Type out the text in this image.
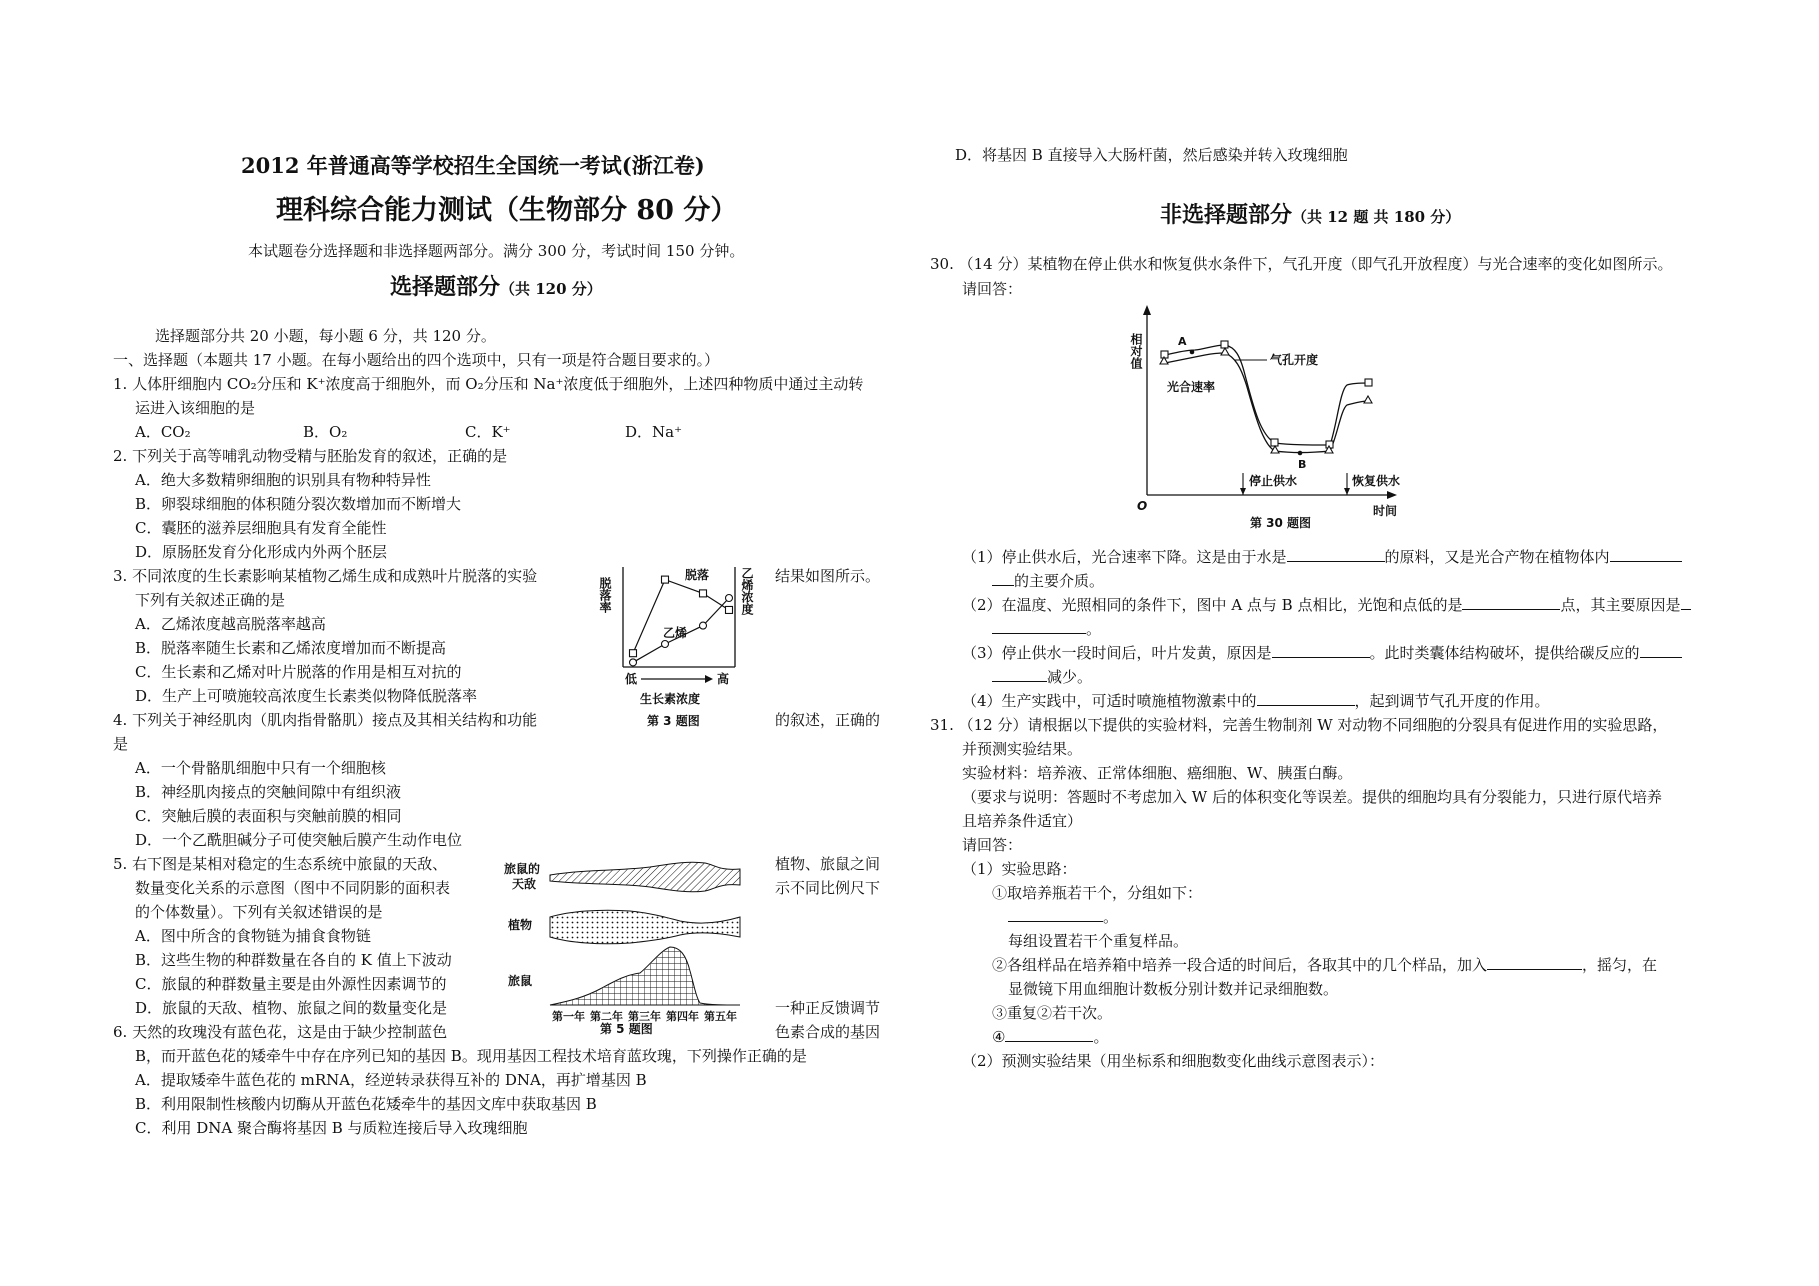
2012 年普通高等学校招生全国统一考试(浙江卷)
理科综合能力测试（生物部分 80 分）
本试题卷分选择题和非选择题两部分。满分 300 分，考试时间 150 分钟。
选择题部分（共 120 分）
选择题部分共 20 小题，每小题 6 分，共 120 分。
一、选择题（本题共 17 小题。在每小题给出的四个选项中，只有一项是符合题目要求的。）
1. 人体肝细胞内 CO₂分压和 K⁺浓度高于细胞外，而 O₂分压和 Na⁺浓度低于细胞外，上述四种物质中通过主动转
运进入该细胞的是
A．CO₂	B．O₂	C．K⁺	D．Na⁺
2. 下列关于高等哺乳动物受精与胚胎发育的叙述，正确的是
A．绝大多数精卵细胞的识别具有物种特异性
B．卵裂球细胞的体积随分裂次数增加而不断增大
C．囊胚的滋养层细胞具有发育全能性
D．原肠胚发育分化形成内外两个胚层
3. 不同浓度的生长素影响某植物乙烯生成和成熟叶片脱落的实验	结果如图所示。
下列有关叙述正确的是
A．乙烯浓度越高脱落率越高
B．脱落率随生长素和乙烯浓度增加而不断提高
C．生长素和乙烯对叶片脱落的作用是相互对抗的
D．生产上可喷施较高浓度生长素类似物降低脱落率
脱落率	乙烯浓度
脱落
乙烯
低	高
生长素浓度
第 3 题图
4. 下列关于神经肌肉（肌肉指骨骼肌）接点及其相关结构和功能	的叙述，正确的
是
A．一个骨骼肌细胞中只有一个细胞核
B．神经肌肉接点的突触间隙中有组织液
C．突触后膜的表面积与突触前膜的相同
D．一个乙酰胆碱分子可使突触后膜产生动作电位
5. 右下图是某相对稳定的生态系统中旅鼠的天敌、	植物、旅鼠之间
数量变化关系的示意图（图中不同阴影的面积表	示不同比例尺下
的个体数量）。下列有关叙述错误的是
A．图中所含的食物链为捕食食物链
B．这些生物的种群数量在各自的 K 值上下波动
C．旅鼠的种群数量主要是由外源性因素调节的
D．旅鼠的天敌、植物、旅鼠之间的数量变化是	一种正反馈调节
旅鼠的天敌
植物
旅鼠
第一年 第二年 第三年 第四年 第五年
第 5 题图
6. 天然的玫瑰没有蓝色花，这是由于缺少控制蓝色	色素合成的基因
B，而开蓝色花的矮牵牛中存在序列已知的基因 B。现用基因工程技术培育蓝玫瑰，下列操作正确的是
A．提取矮牵牛蓝色花的 mRNA，经逆转录获得互补的 DNA，再扩增基因 B
B．利用限制性核酸内切酶从开蓝色花矮牵牛的基因文库中获取基因 B
C．利用 DNA 聚合酶将基因 B 与质粒连接后导入玫瑰细胞
D．将基因 B 直接导入大肠杆菌，然后感染并转入玫瑰细胞
非选择题部分（共 12 题 共 180 分）
30. （14 分）某植物在停止供水和恢复供水条件下，气孔开度（即气孔开放程度）与光合速率的变化如图所示。
请回答：
相对值
O
A
B
气孔开度
光合速率
停止供水	恢复供水
时间
第 30 题图
（1）停止供水后，光合速率下降。这是由于水是	的原料，又是光合产物在植物体内
的主要介质。
（2）在温度、光照相同的条件下，图中 A 点与 B 点相比，光饱和点低的是	点，其主要原因是
。
（3）停止供水一段时间后，叶片发黄，原因是	。此时类囊体结构破坏，提供给碳反应的
减少。
（4）生产实践中，可适时喷施植物激素中的	，起到调节气孔开度的作用。
31. （12 分）请根据以下提供的实验材料，完善生物制剂 W 对动物不同细胞的分裂具有促进作用的实验思路，
并预测实验结果。
实验材料：培养液、正常体细胞、癌细胞、W、胰蛋白酶。
（要求与说明：答题时不考虑加入 W 后的体积变化等误差。提供的细胞均具有分裂能力，只进行原代培养
且培养条件适宜）
请回答：
（1）实验思路：
①取培养瓶若干个，分组如下：
。
每组设置若干个重复样品。
②各组样品在培养箱中培养一段合适的时间后，各取其中的几个样品，加入	，摇匀，在
显微镜下用血细胞计数板分别计数并记录细胞数。
③重复②若干次。
④	。
（2）预测实验结果（用坐标系和细胞数变化曲线示意图表示）：
